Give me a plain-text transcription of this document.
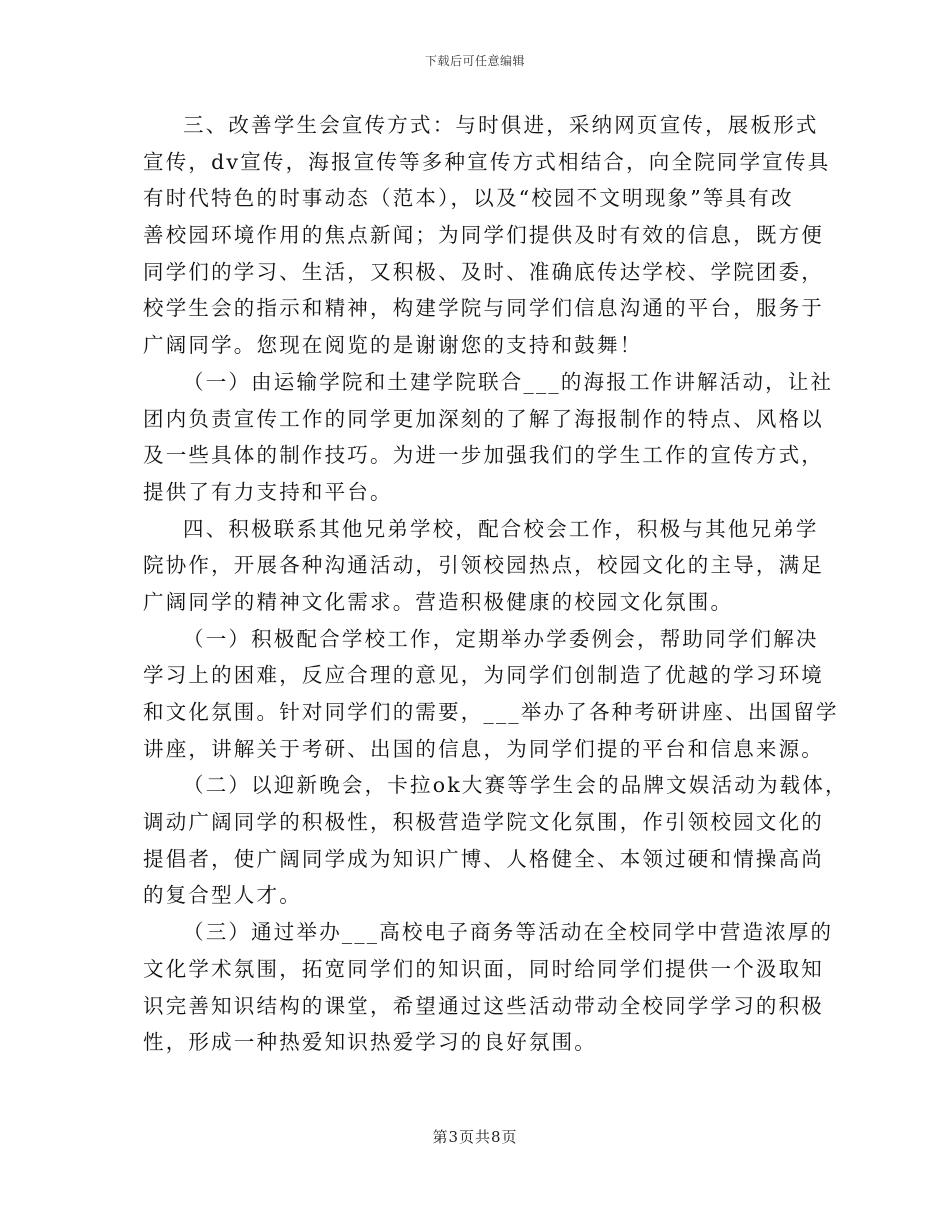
下载后可任意编辑
三、改善学生会宣传方式：与时俱进，采纳网页宣传，展板形式
宣传，dv宣传，海报宣传等多种宣传方式相结合，向全院同学宣传具
有时代特色的时事动态（范本），以及“校园不文明现象”等具有改
善校园环境作用的焦点新闻；为同学们提供及时有效的信息，既方便
同学们的学习、生活，又积极、及时、准确底传达学校、学院团委，
校学生会的指示和精神，构建学院与同学们信息沟通的平台，服务于
广阔同学。您现在阅览的是谢谢您的支持和鼓舞！
（一）由运输学院和土建学院联合___的海报工作讲解活动，让社
团内负责宣传工作的同学更加深刻的了解了海报制作的特点、风格以
及一些具体的制作技巧。为进一步加强我们的学生工作的宣传方式，
提供了有力支持和平台。
四、积极联系其他兄弟学校，配合校会工作，积极与其他兄弟学
院协作，开展各种沟通活动，引领校园热点，校园文化的主导，满足
广阔同学的精神文化需求。营造积极健康的校园文化氛围。
（一）积极配合学校工作，定期举办学委例会，帮助同学们解决
学习上的困难，反应合理的意见，为同学们创制造了优越的学习环境
和文化氛围。针对同学们的需要，___举办了各种考研讲座、出国留学
讲座，讲解关于考研、出国的信息，为同学们提的平台和信息来源。
（二）以迎新晚会，卡拉ok大赛等学生会的品牌文娱活动为载体，
调动广阔同学的积极性，积极营造学院文化氛围，作引领校园文化的
提倡者，使广阔同学成为知识广博、人格健全、本领过硬和情操高尚
的复合型人才。
（三）通过举办___高校电子商务等活动在全校同学中营造浓厚的
文化学术氛围，拓宽同学们的知识面，同时给同学们提供一个汲取知
识完善知识结构的课堂，希望通过这些活动带动全校同学学习的积极
性，形成一种热爱知识热爱学习的良好氛围。
第3页共8页
